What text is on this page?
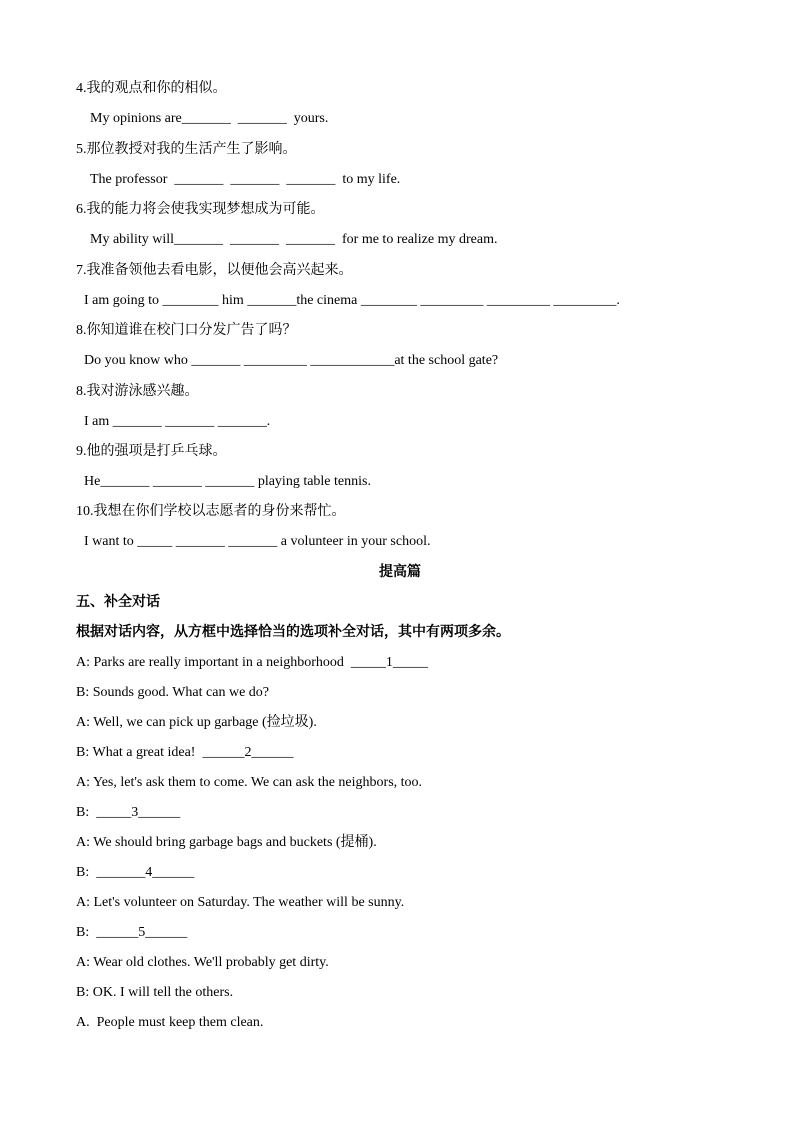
4.我的观点和你的相似。
My opinions are_______  _______  yours.
5.那位教授对我的生活产生了影响。
The professor  _______  _______  _______  to my life.
6.我的能力将会使我实现梦想成为可能。
My ability will_______  _______  _______  for me to realize my dream.
7.我准备领他去看电影，以便他会高兴起来。
I am going to ________ him _______the cinema ________ _________ _________ _________.
8.你知道谁在校门口分发广告了吗？
Do you know who _______ _________ ____________at the school gate?
8.我对游泳感兴趣。
I am _______ _______ _______.
9.他的强项是打乒乓球。
He_______ _______ _______ playing table tennis.
10.我想在你们学校以志愿者的身份来帮忙。
I want to _____ _______ _______ a volunteer in your school.
提高篇
五、补全对话
根据对话内容，从方框中选择恰当的选项补全对话，其中有两项多余。
A: Parks are really important in a neighborhood  _____1_____
B: Sounds good. What can we do?
A: Well, we can pick up garbage (捡垃圾).
B: What a great idea!  ______2______
A: Yes, let's ask them to come. We can ask the neighbors, too.
B:  _____3______
A: We should bring garbage bags and buckets (提桶).
B:  _______4______
A: Let's volunteer on Saturday. The weather will be sunny.
B:  ______5______
A: Wear old clothes. We'll probably get dirty.
B: OK. I will tell the others.
A.  People must keep them clean.
